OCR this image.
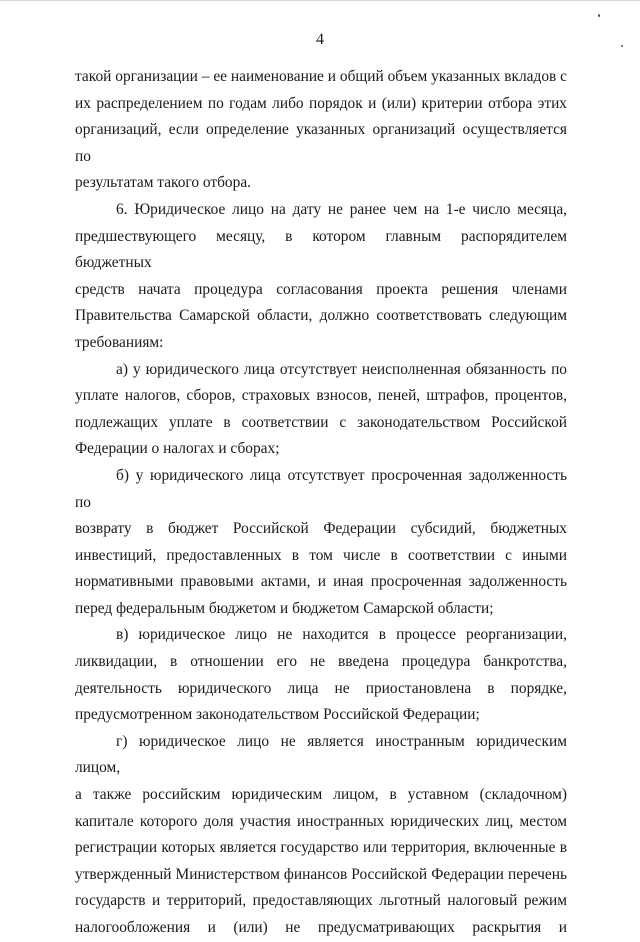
4
такой организации – ее наименование и общий объем указанных вкладов с
их распределением по годам либо порядок и (или) критерии отбора этих
организаций, если определение указанных организаций осуществляется по
результатам такого отбора.
6. Юридическое лицо на дату не ранее чем на 1-е число месяца,
предшествующего месяцу, в котором главным распорядителем бюджетных
средств начата процедура согласования проекта решения членами
Правительства Самарской области, должно соответствовать следующим
требованиям:
а) у юридического лица отсутствует неисполненная обязанность по
уплате налогов, сборов, страховых взносов, пеней, штрафов, процентов,
подлежащих уплате в соответствии с законодательством Российской
Федерации о налогах и сборах;
б) у юридического лица отсутствует просроченная задолженность по
возврату в бюджет Российской Федерации субсидий, бюджетных
инвестиций, предоставленных в том числе в соответствии с иными
нормативными правовыми актами, и иная просроченная задолженность
перед федеральным бюджетом и бюджетом Самарской области;
в) юридическое лицо не находится в процессе реорганизации,
ликвидации, в отношении его не введена процедура банкротства,
деятельность юридического лица не приостановлена в порядке,
предусмотренном законодательством Российской Федерации;
г) юридическое лицо не является иностранным юридическим лицом,
а также российским юридическим лицом, в уставном (складочном)
капитале которого доля участия иностранных юридических лиц, местом
регистрации которых является государство или территория, включенные в
утвержденный Министерством финансов Российской Федерации перечень
государств и территорий, предоставляющих льготный налоговый режим
налогообложения и (или) не предусматривающих раскрытия и
